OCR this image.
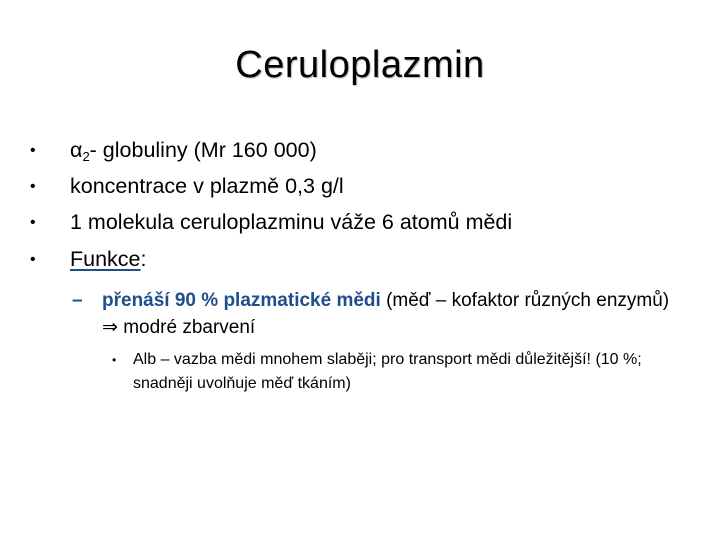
Ceruloplazmin
• $\alpha_2-$ globuliny (Mr 160 000)
• koncentrace v plazmě 0,3 g/l
• 1 molekula ceruloplazminu váže 6 atomů mědi
• Funkce:
– přenáší 90 % plazmatické mědi (měď – kofaktor různých enzymů) ⇒ modré zbarvení
• Alb – vazba mědi mnohem slaběji; pro transport mědi důležitější! (10 %; snadněji uvolňuje měď tkáním)
